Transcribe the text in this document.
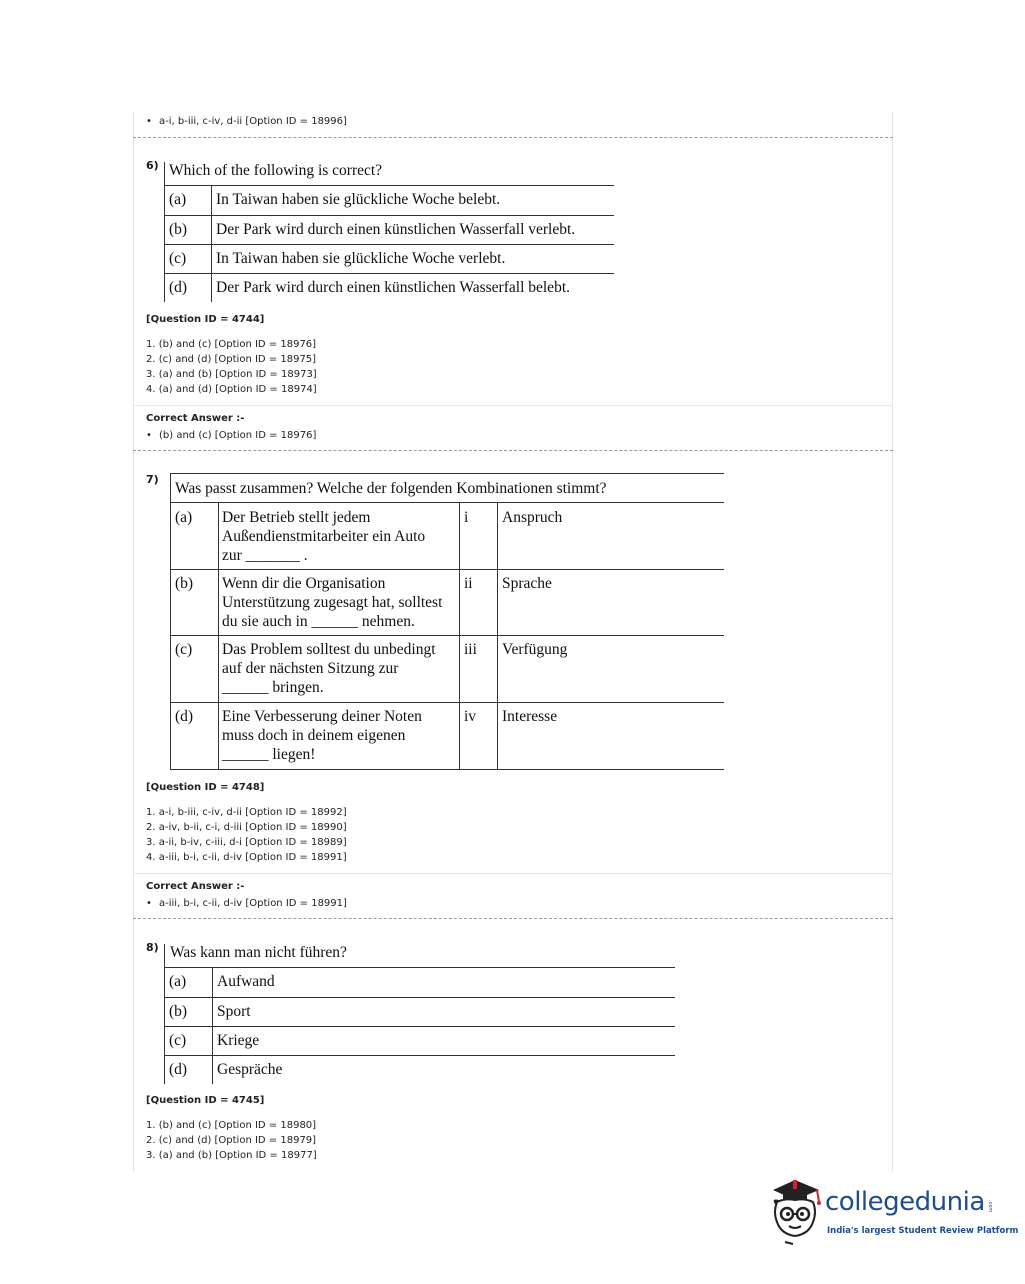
• a-i, b-iii, c-iv, d-ii [Option ID = 18996]
6) Which of the following is correct?
(a) In Taiwan haben sie glückliche Woche belebt.
(b) Der Park wird durch einen künstlichen Wasserfall verlebt.
(c) In Taiwan haben sie glückliche Woche verlebt.
(d) Der Park wird durch einen künstlichen Wasserfall belebt.
[Question ID = 4744]
1. (b) and (c) [Option ID = 18976]
2. (c) and (d) [Option ID = 18975]
3. (a) and (b) [Option ID = 18973]
4. (a) and (d) [Option ID = 18974]
Correct Answer :-
• (b) and (c) [Option ID = 18976]
7)
Was passt zusammen? Welche der folgenden Kombinationen stimmt?
(a) Der Betrieb stellt jedem
Außendienstmitarbeiter ein Auto
zur _______ .
i Anspruch
(b) Wenn dir die Organisation
Unterstützung zugesagt hat, solltest
du sie auch in ______ nehmen.
ii Sprache
(c) Das Problem solltest du unbedingt
auf der nächsten Sitzung zur
______ bringen.
iii Verfügung
(d) Eine Verbesserung deiner Noten
muss doch in deinem eigenen
______ liegen!
iv Interesse
[Question ID = 4748]
1. a-i, b-iii, c-iv, d-ii [Option ID = 18992]
2. a-iv, b-ii, c-i, d-iii [Option ID = 18990]
3. a-ii, b-iv, c-iii, d-i [Option ID = 18989]
4. a-iii, b-i, c-ii, d-iv [Option ID = 18991]
Correct Answer :-
• a-iii, b-i, c-ii, d-iv [Option ID = 18991]
8) Was kann man nicht führen?
(a) Aufwand
(b) Sport
(c) Kriege
(d) Gespräche
[Question ID = 4745]
1. (b) and (c) [Option ID = 18980]
2. (c) and (d) [Option ID = 18979]
3. (a) and (b) [Option ID = 18977]
collegedunia .com
India's largest Student Review Platform
